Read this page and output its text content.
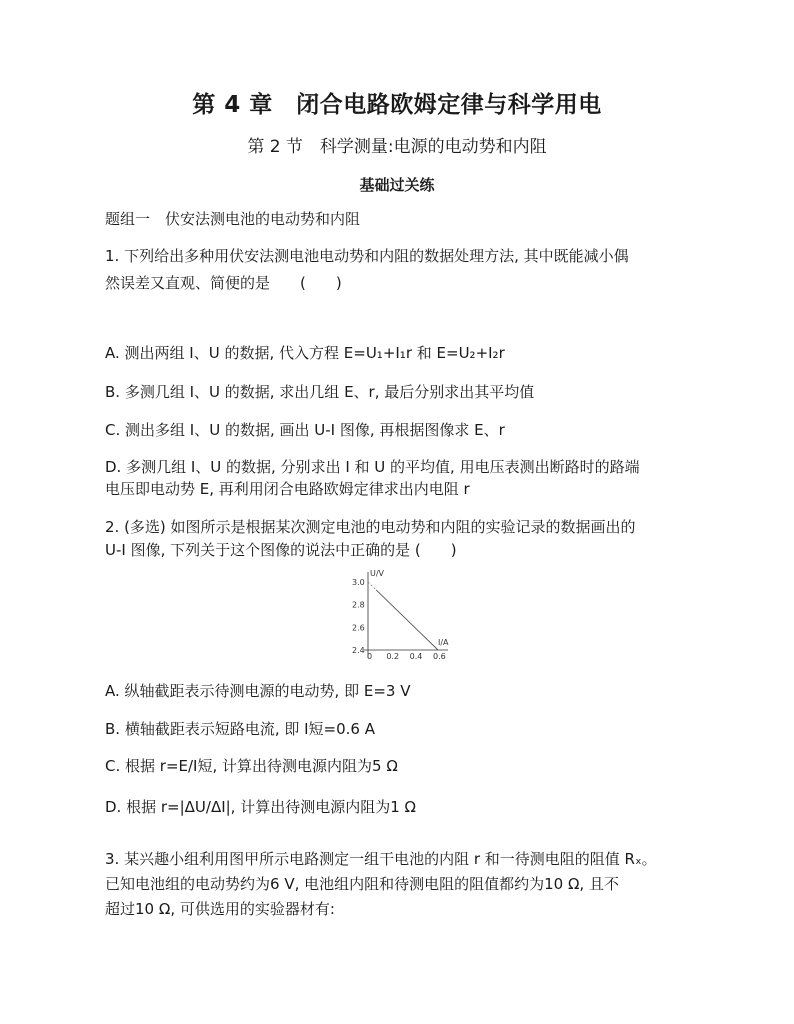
第 4 章　闭合电路欧姆定律与科学用电
第 2 节　科学测量:电源的电动势和内阻
基础过关练
题组一　伏安法测电池的电动势和内阻
1. 下列给出多种用伏安法测电池电动势和内阻的数据处理方法, 其中既能减小偶
然误差又直观、简便的是　　(　　)
A. 测出两组 I、U 的数据, 代入方程 E=U₁+I₁r 和 E=U₂+I₂r
B. 多测几组 I、U 的数据, 求出几组 E、r, 最后分别求出其平均值
C. 测出多组 I、U 的数据, 画出 U-I 图像, 再根据图像求 E、r
D. 多测几组 I、U 的数据, 分别求出 I 和 U 的平均值, 用电压表测出断路时的路端
电压即电动势 E, 再利用闭合电路欧姆定律求出内电阻 r
2. (多选) 如图所示是根据某次测定电池的电动势和内阻的实验记录的数据画出的
U-I 图像, 下列关于这个图像的说法中正确的是 (　　)
3.0
2.8
2.6
2.4
0 0.2 0.4 0.6
U/V
I/A
A. 纵轴截距表示待测电源的电动势, 即 E=3 V
B. 横轴截距表示短路电流, 即 I短=0.6 A
C. 根据 r=E/I短, 计算出待测电源内阻为5 Ω
D. 根据 r=|ΔU/ΔI|, 计算出待测电源内阻为1 Ω
3. 某兴趣小组利用图甲所示电路测定一组干电池的内阻 r 和一待测电阻的阻值 Rₓ。
已知电池组的电动势约为6 V, 电池组内阻和待测电阻的阻值都约为10 Ω, 且不
超过10 Ω, 可供选用的实验器材有:
